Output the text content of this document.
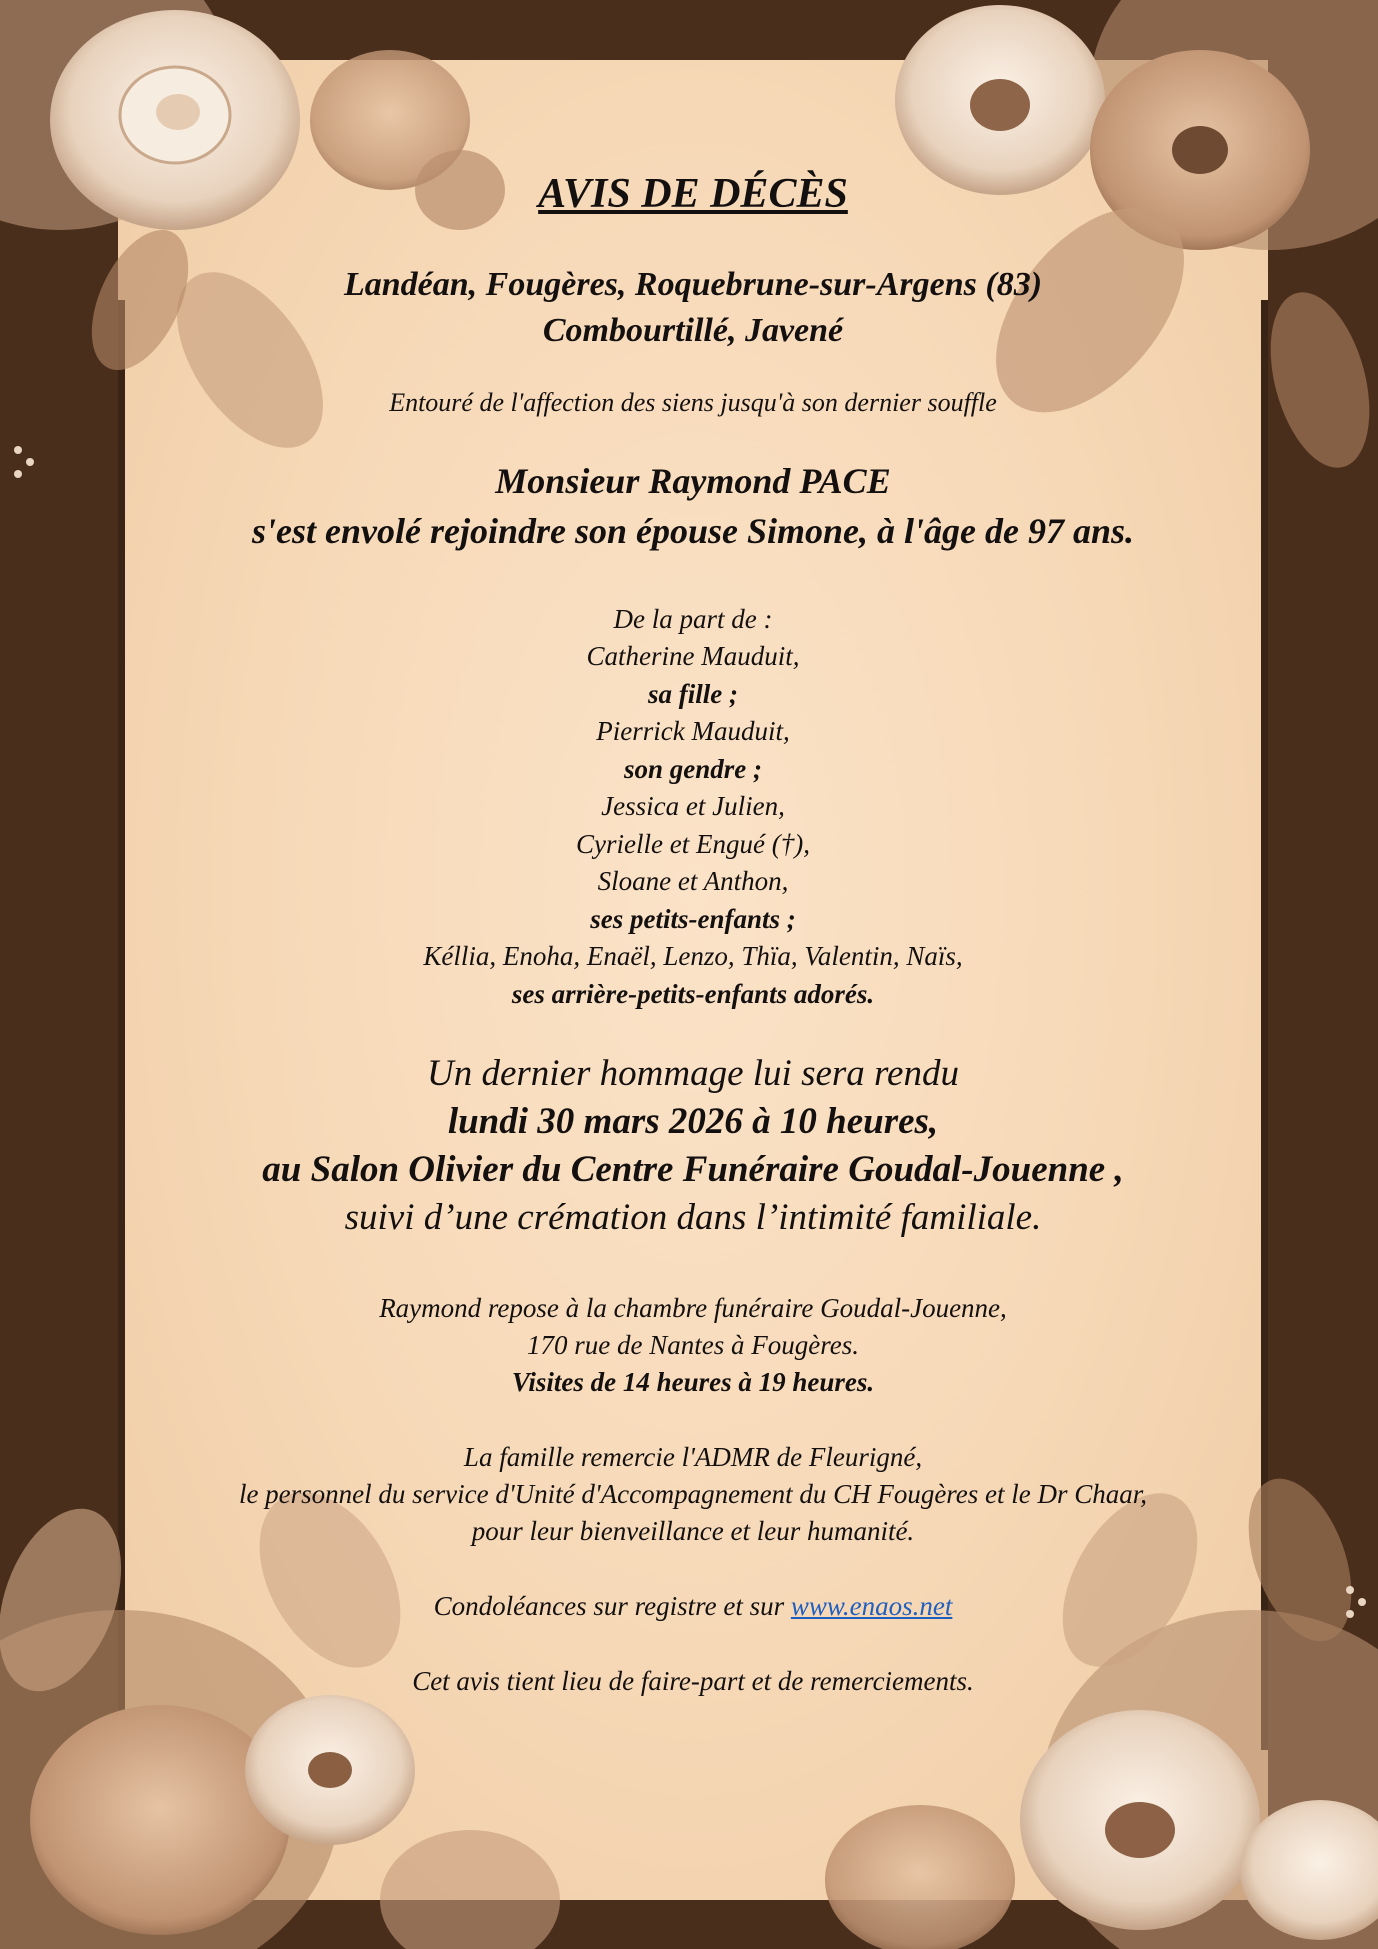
AVIS DE DÉCÈS
Landéan, Fougères, Roquebrune-sur-Argens (83)
Combourtillé, Javené
Entouré de l'affection des siens jusqu'à son dernier souffle
Monsieur Raymond PACE
s'est envolé rejoindre son épouse Simone, à l'âge de 97 ans.
De la part de :
Catherine Mauduit,
sa fille ;
Pierrick Mauduit,
son gendre ;
Jessica et Julien,
Cyrielle et Engué (†),
Sloane et Anthon,
ses petits-enfants ;
Kéllia, Enoha, Enaël, Lenzo, Thïa, Valentin, Naïs,
ses arrière-petits-enfants adorés.
Un dernier hommage lui sera rendu
lundi 30 mars 2026 à 10 heures,
au Salon Olivier du Centre Funéraire Goudal-Jouenne ,
suivi d’une crémation dans l’intimité familiale.
Raymond repose à la chambre funéraire Goudal-Jouenne,
170 rue de Nantes à Fougères.
Visites de 14 heures à 19 heures.
La famille remercie l'ADMR de Fleurigné,
le personnel du service d'Unité d'Accompagnement du CH Fougères et le Dr Chaar,
pour leur bienveillance et leur humanité.
Condoléances sur registre et sur www.enaos.net
Cet avis tient lieu de faire-part et de remerciements.
